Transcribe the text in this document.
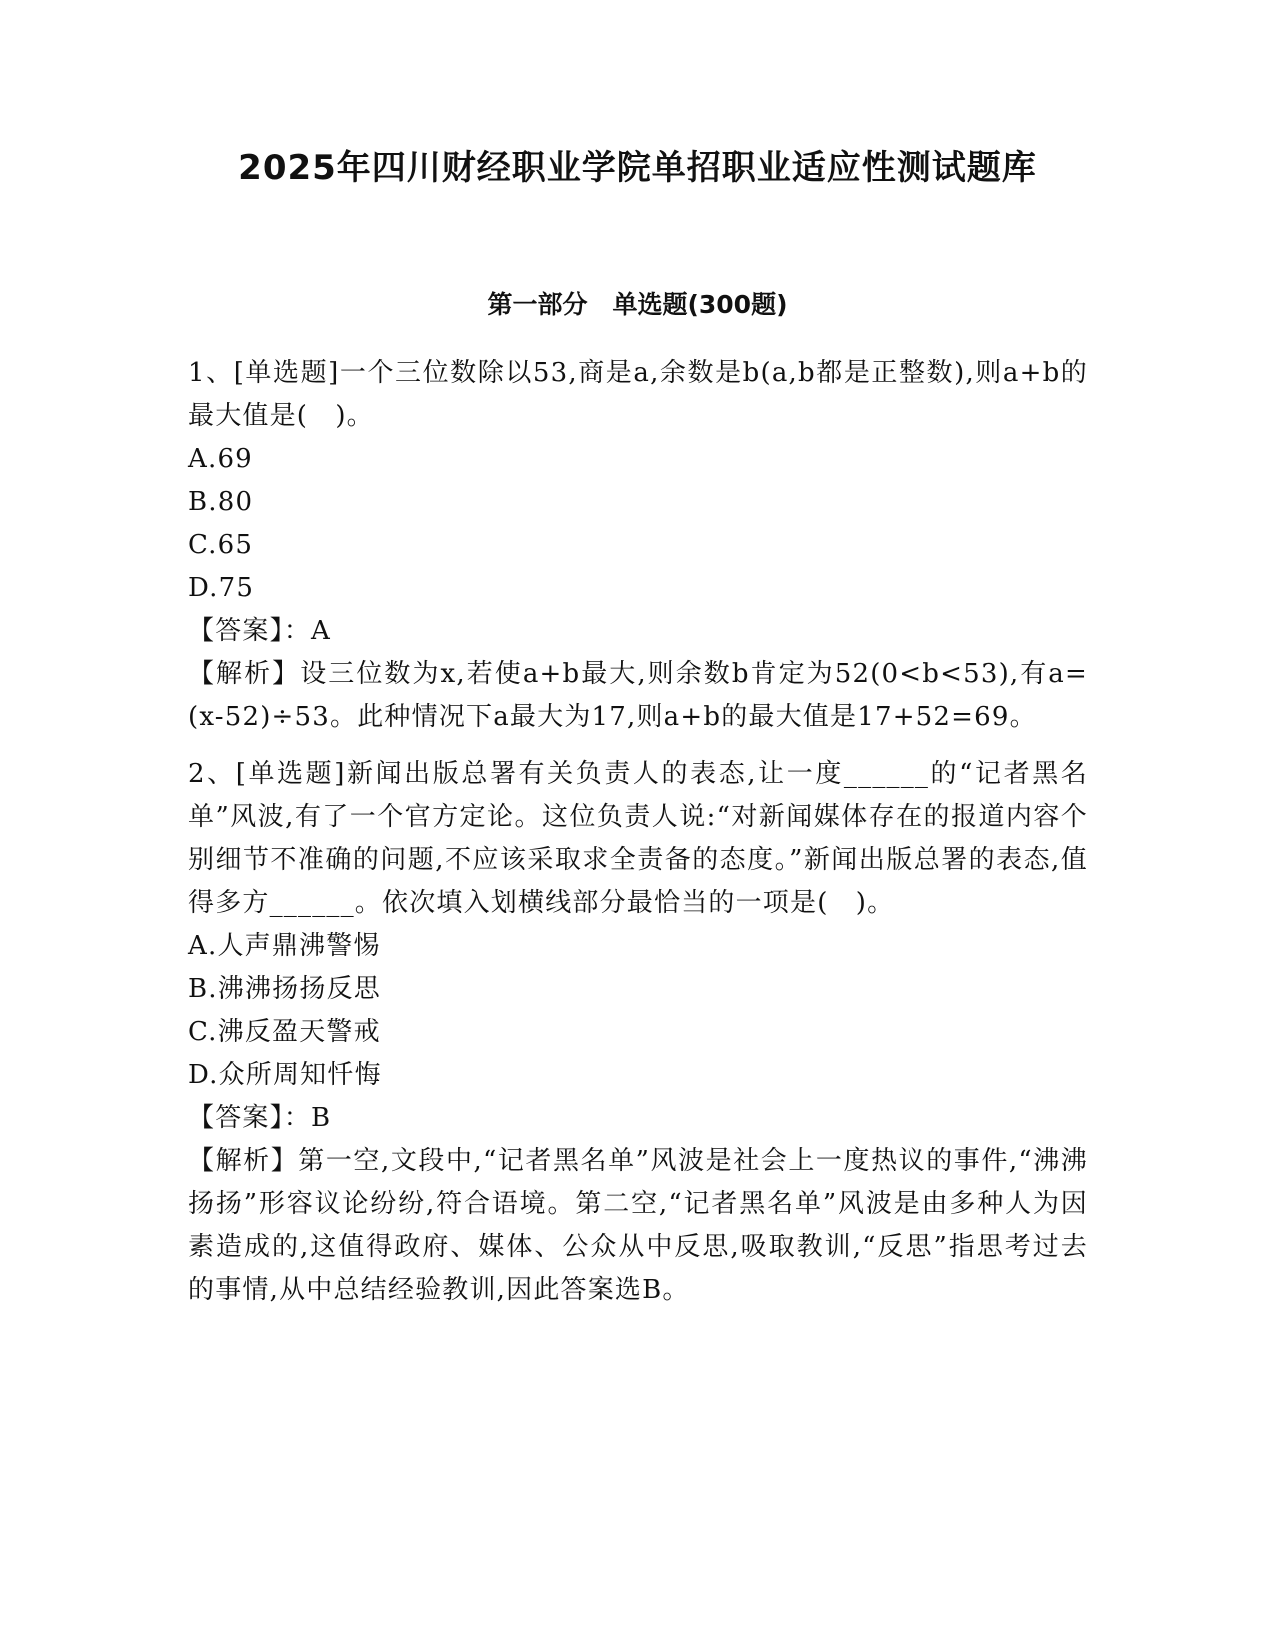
2025年四川财经职业学院单招职业适应性测试题库
第一部分　单选题(300题)

1、[单选题]一个三位数除以53,商是a,余数是b(a,b都是正整数),则a+b的最大值是(　)。

A.69

B.80

C.65

D.75

【答案】：A

【解析】设三位数为x,若使a+b最大,则余数b肯定为52(0<b<53),有a=(x-52)÷53。此种情况下a最大为17,则a+b的最大值是17+52=69。

2、[单选题]新闻出版总署有关负责人的表态,让一度______的“记者黑名单”风波,有了一个官方定论。这位负责人说:“对新闻媒体存在的报道内容个别细节不准确的问题,不应该采取求全责备的态度。”新闻出版总署的表态,值得多方______。依次填入划横线部分最恰当的一项是(　)。

A.人声鼎沸警惕

B.沸沸扬扬反思

C.沸反盈天警戒

D.众所周知忏悔

【答案】：B

【解析】第一空,文段中,“记者黑名单”风波是社会上一度热议的事件,“沸沸扬扬”形容议论纷纷,符合语境。第二空,“记者黑名单”风波是由多种人为因素造成的,这值得政府、媒体、公众从中反思,吸取教训,“反思”指思考过去的事情,从中总结经验教训,因此答案选B。
